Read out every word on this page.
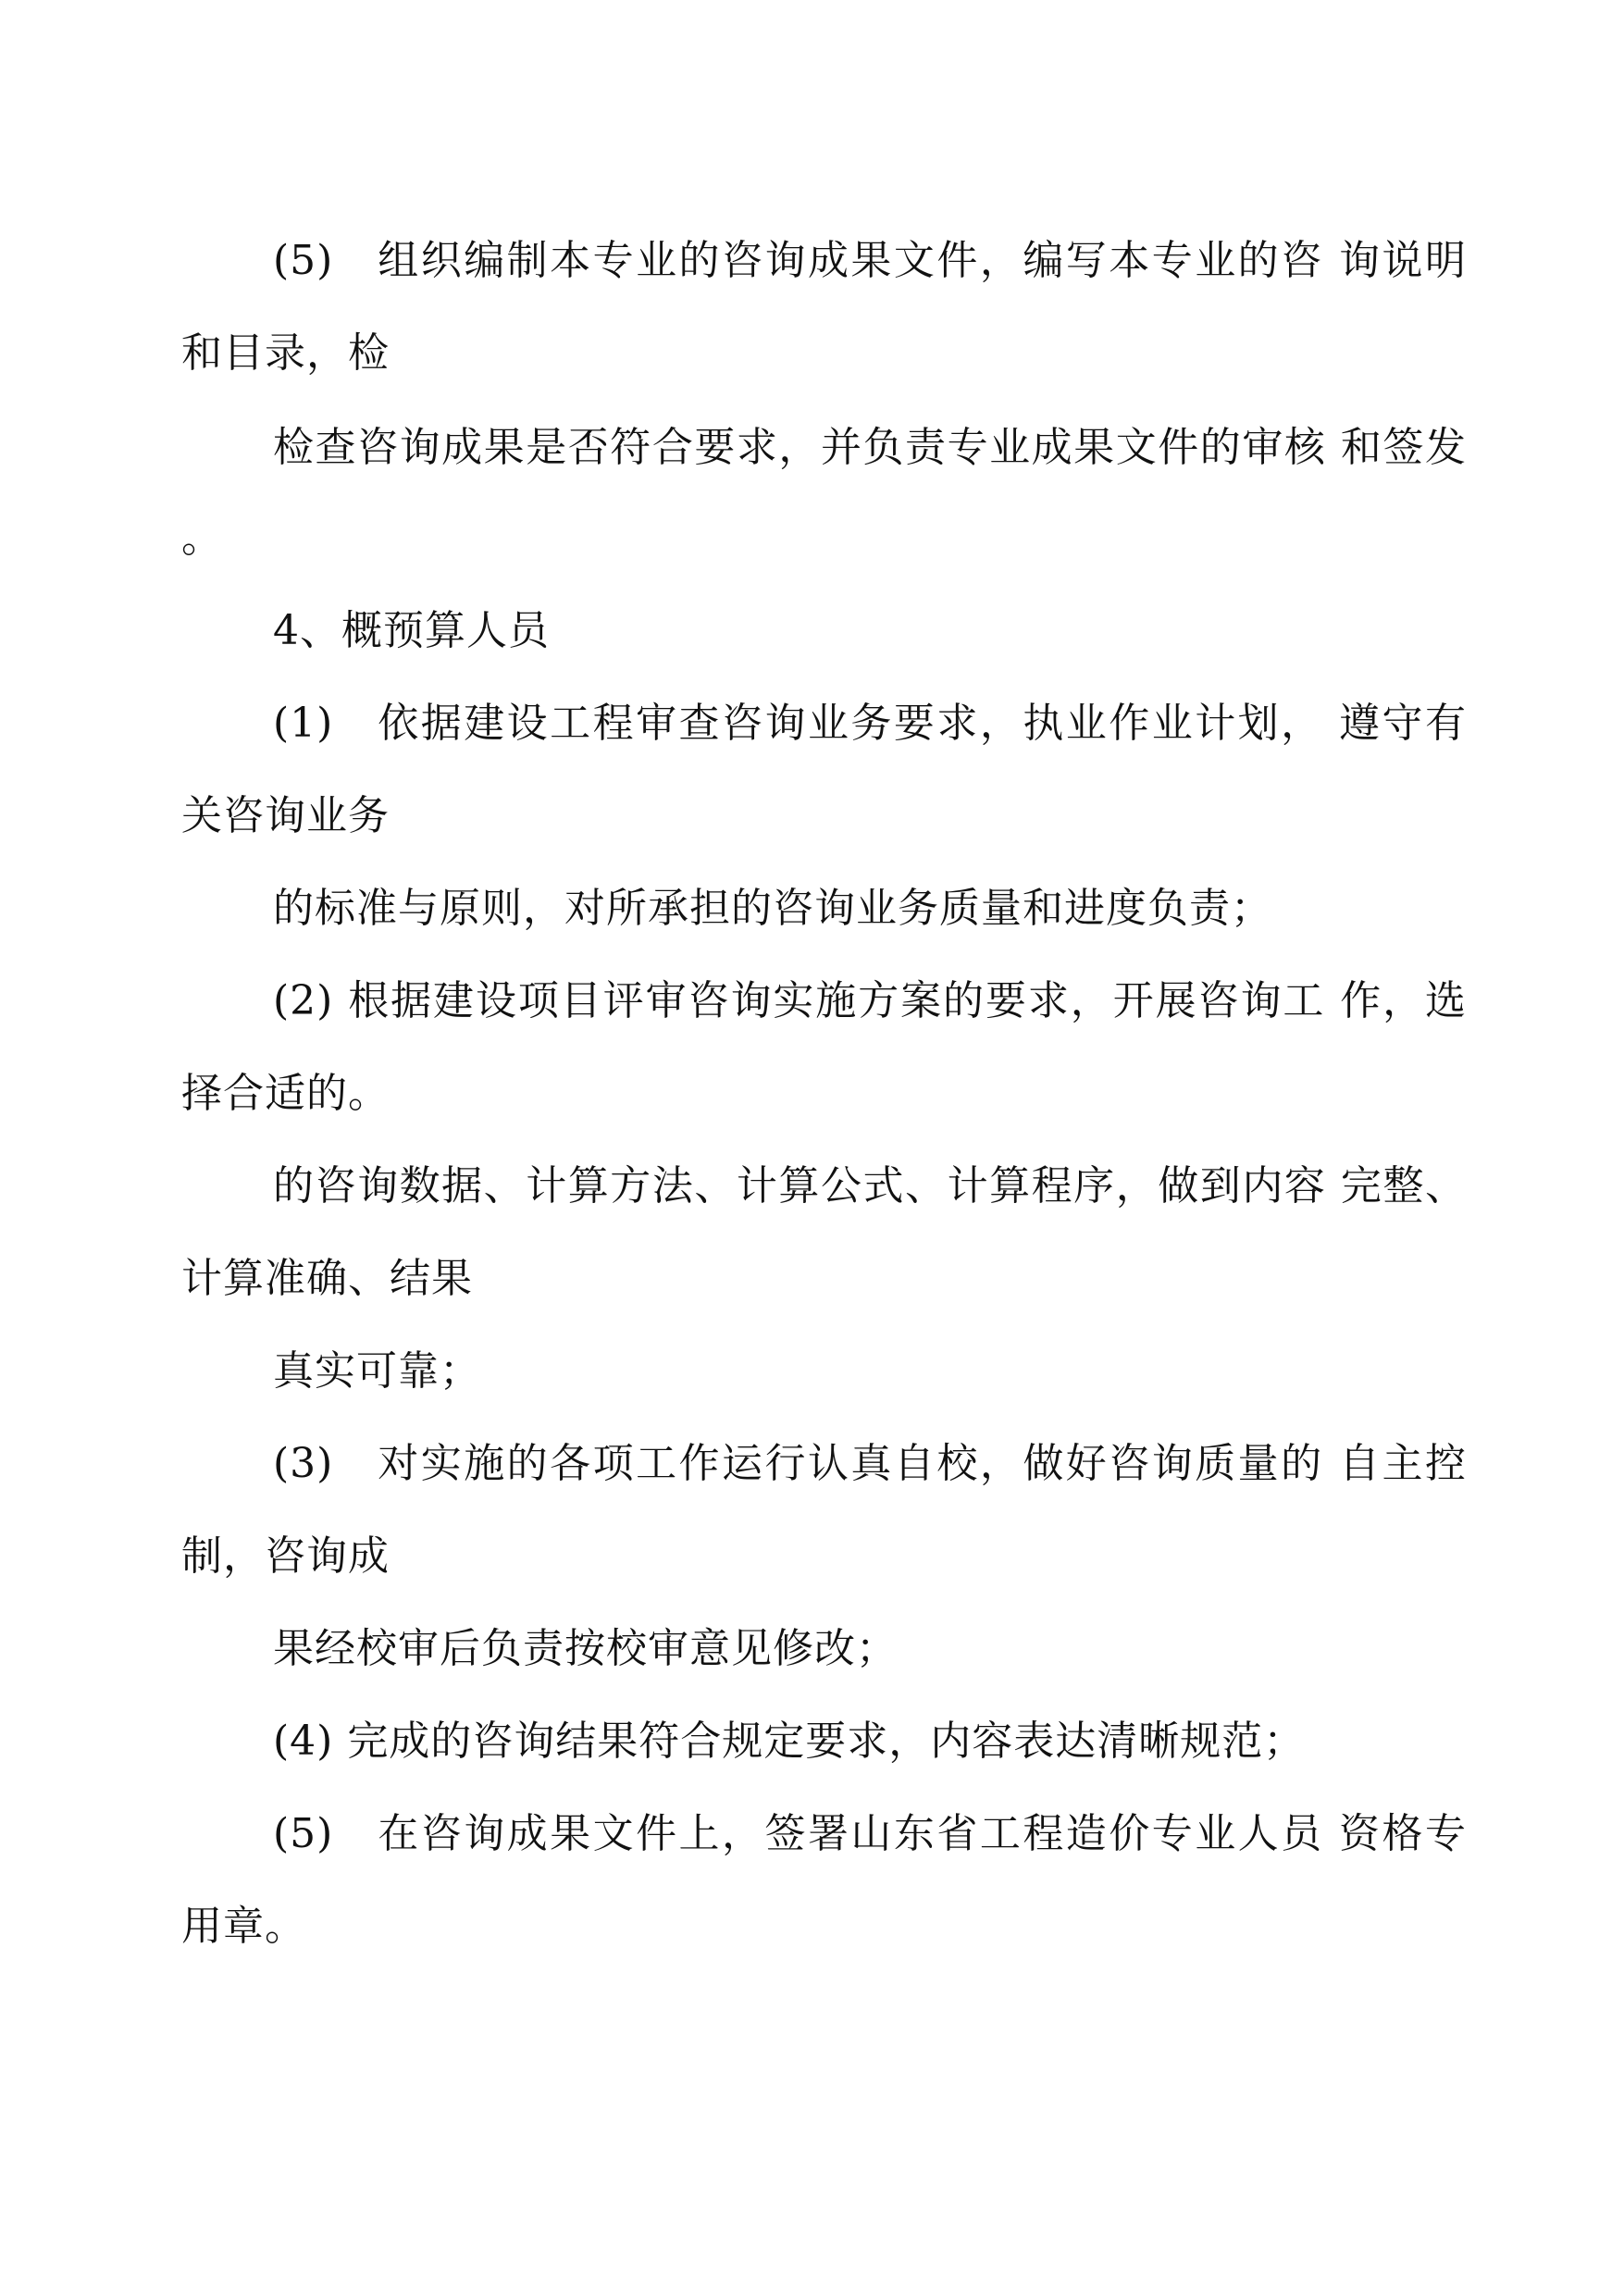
(5)　组织编制本专业的咨询成果文件，编写本专业的咨 询说明
和目录，检
检查咨询成果是否符合要求，并负责专业成果文件的审核 和签发
。
4、概预算人员
(1)　依据建设工程审查咨询业务要求，执业作业计划， 遵守有
关咨询业务
的标准与原则，对所承担的咨询业务质量和进度负责；
(2) 根据建设项目评审咨询实施方案的要求，开展咨询工 作，选
择合适的。
的咨询数据、计算方法、计算公式、计算程序，做到内容 完整、
计算准确、结果
真实可靠；
(3)　对实施的各项工作运行认真自校，做好咨询质量的 自主控
制，咨询成
果经校审后负责按校审意见修改；
(4) 完成的咨询结果符合规定要求，内容表达清晰规范；
(5)　在咨询成果文件上，签署山东省工程造价专业人员 资格专
用章。
